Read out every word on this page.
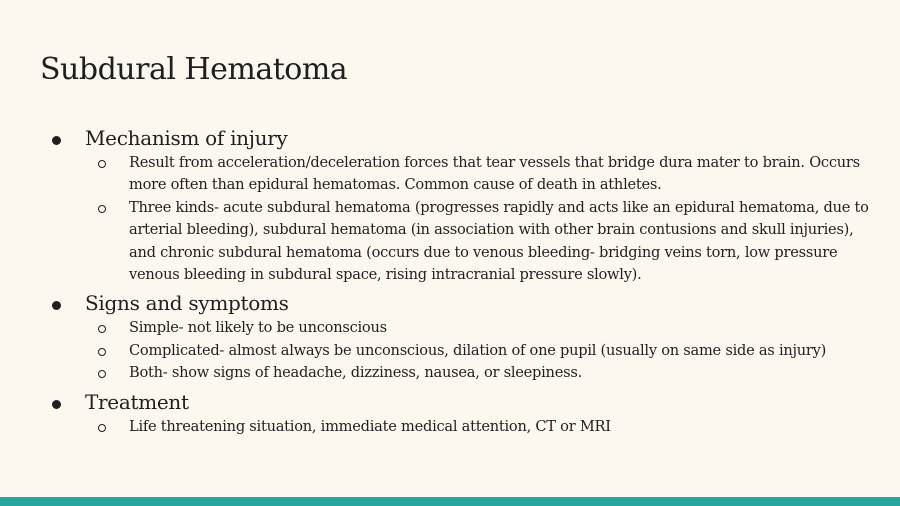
Subdural Hematoma
Mechanism of injury
Result from acceleration/deceleration forces that tear vessels that bridge dura mater to brain. Occurs more often than epidural hematomas. Common cause of death in athletes.
Three kinds- acute subdural hematoma (progresses rapidly and acts like an epidural hematoma, due to arterial bleeding), subdural hematoma (in association with other brain contusions and skull injuries), and chronic subdural hematoma (occurs due to venous bleeding- bridging veins torn, low pressure venous bleeding in subdural space, rising intracranial pressure slowly).
Signs and symptoms
Simple- not likely to be unconscious
Complicated- almost always be unconscious, dilation of one pupil (usually on same side as injury)
Both- show signs of headache, dizziness, nausea, or sleepiness.
Treatment
Life threatening situation, immediate medical attention, CT or MRI
